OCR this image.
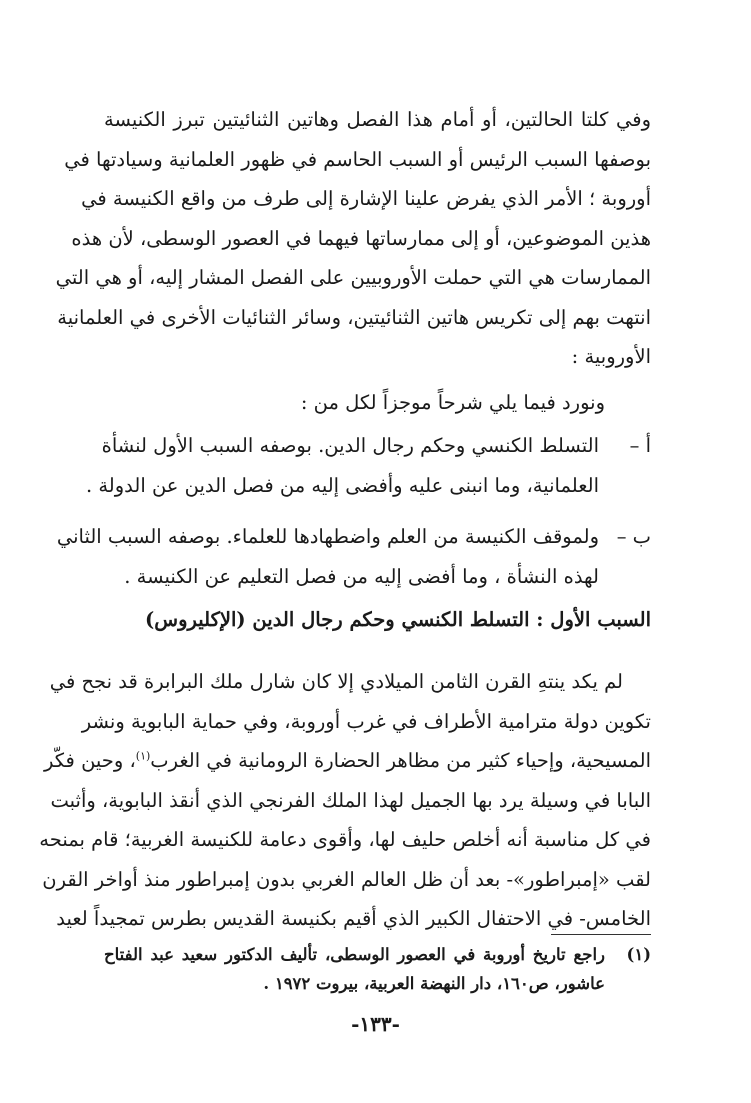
وفي كلتا الحالتين، أو أمام هذا الفصل وهاتين الثنائيتين تبرز الكنيسة
بوصفها السبب الرئيس أو السبب الحاسم في ظهور العلمانية وسيادتها في
أوروبة ؛ الأمر الذي يفرض علينا الإشارة إلى طرف من واقع الكنيسة في
هذين الموضوعين، أو إلى ممارساتها فيهما في العصور الوسطى، لأن هذه
الممارسات هي التي حملت الأوروبيين على الفصل المشار إليه، أو هي التي
انتهت بهم إلى تكريس هاتين الثنائيتين، وسائر الثنائيات الأخرى في العلمانية
الأوروبية :
ونورد فيما يلي شرحاً موجزاً لكل من :
أ –
التسلط الكنسي وحكم رجال الدين. بوصفه السبب الأول لنشأة
العلمانية، وما انبنى عليه وأفضى إليه من فصل الدين عن الدولة .
ب –
ولموقف الكنيسة من العلم واضطهادها للعلماء. بوصفه السبب الثاني
لهذه النشأة ، وما أفضى إليه من فصل التعليم عن الكنيسة .
السبب الأول : التسلط الكنسي وحكم رجال الدين (الإكليروس)
لم يكد ينتهِ القرن الثامن الميلادي إلا كان شارل ملك البرابرة قد نجح في
تكوين دولة مترامية الأطراف في غرب أوروبة، وفي حماية البابوية ونشر
المسيحية، وإحياء كثير من مظاهر الحضارة الرومانية في الغرب$^{(١)}$، وحين فكّر
البابا في وسيلة يرد بها الجميل لهذا الملك الفرنجي الذي أنقذ البابوية، وأثبت
في كل مناسبة أنه أخلص حليف لها، وأقوى دعامة للكنيسة الغربية؛ قام بمنحه
لقب «إمبراطور»- بعد أن ظل العالم الغربي بدون إمبراطور منذ أواخر القرن
الخامس- في الاحتفال الكبير الذي أقيم بكنيسة القديس بطرس تمجيداً لعيد
(١)
راجع تاريخ أوروبة في العصور الوسطى، تأليف الدكتور سعيد عبد الفتاح
عاشور، ص١٦٠، دار النهضة العربية، بيروت ١٩٧٢ .
-١٣٣-
